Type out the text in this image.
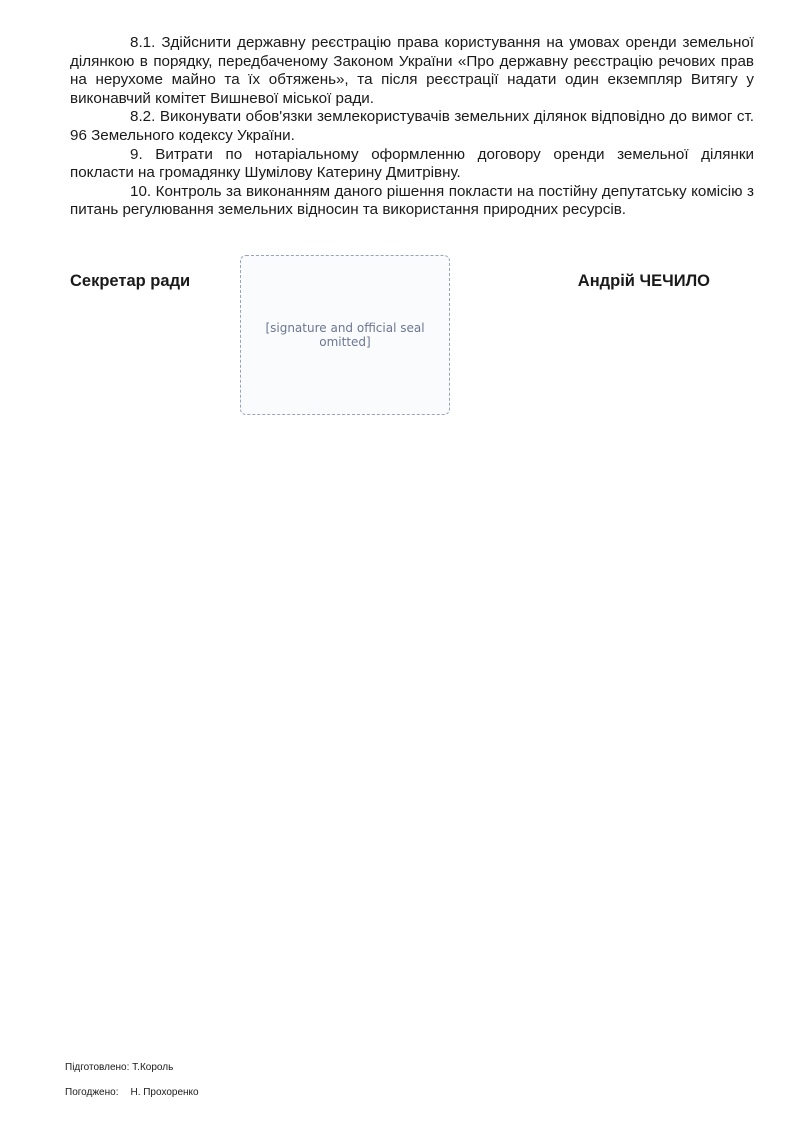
8.1. Здійснити державну реєстрацію права користування на умовах оренди земельної ділянкою в порядку, передбаченому Законом України «Про державну реєстрацію речових прав на нерухоме майно та їх обтяжень», та після реєстрації надати один екземпляр Витягу у виконавчий комітет Вишневої міської ради.

8.2. Виконувати обов'язки землекористувачів земельних ділянок відповідно до вимог ст. 96 Земельного кодексу України.

9. Витрати по нотаріальному оформленню договору оренди земельної ділянки покласти на громадянку Шумілову Катерину Дмитрівну.

10. Контроль за виконанням даного рішення покласти на постійну депутатську комісію з питань регулювання земельних відносин та використання природних ресурсів.

Секретар ради	Андрій ЧЕЧИЛО
[signature and official seal omitted]
Підготовлено: Т.Король
Погоджено: Н. Прохоренко
